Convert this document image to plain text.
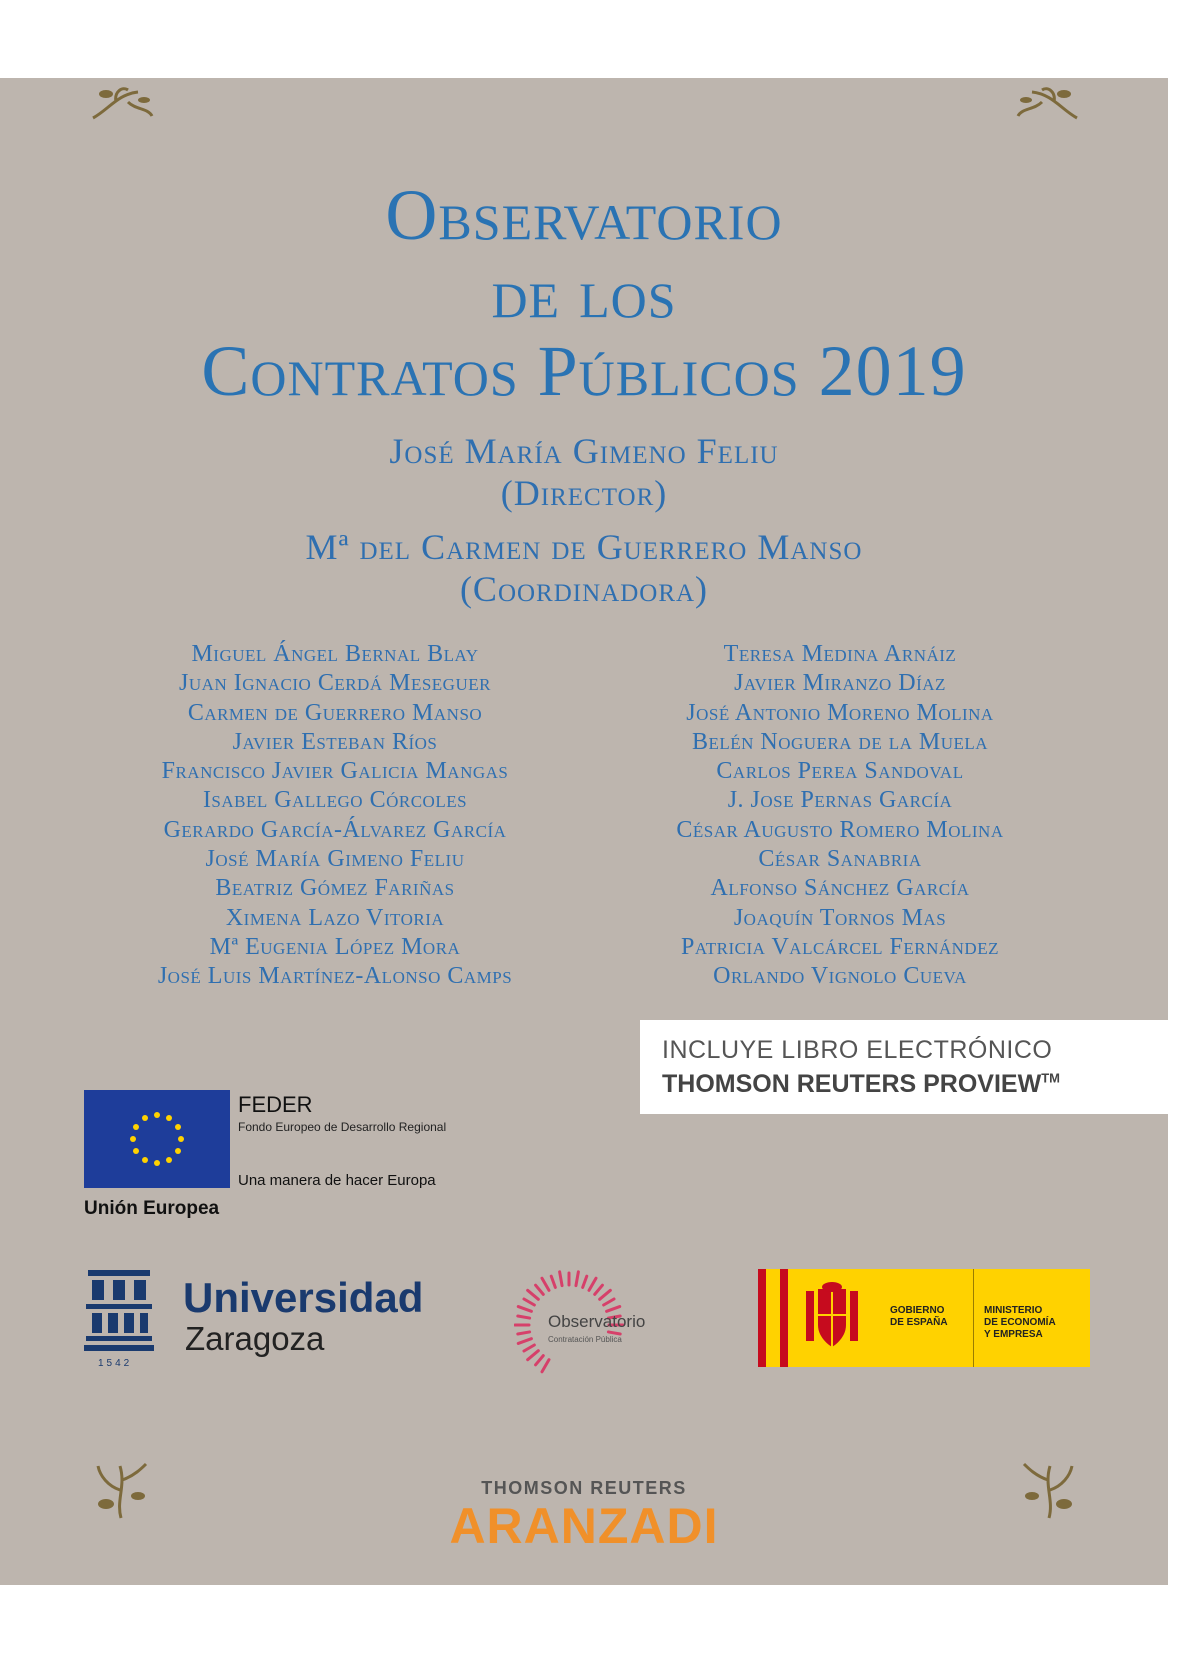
Observatorio
de los
Contratos Públicos 2019
José María Gimeno Feliu
(Director)
Mª del Carmen de Guerrero Manso
(Coordinadora)
Miguel Ángel Bernal Blay
Juan Ignacio Cerdá Meseguer
Carmen de Guerrero Manso
Javier Esteban Ríos
Francisco Javier Galicia Mangas
Isabel Gallego Córcoles
Gerardo García-Álvarez García
José María Gimeno Feliu
Beatriz Gómez Fariñas
Ximena Lazo Vitoria
Mª Eugenia López Mora
José Luis Martínez-Alonso Camps
Teresa Medina Arnáiz
Javier Miranzo Díaz
José Antonio Moreno Molina
Belén Noguera de la Muela
Carlos Perea Sandoval
J. Jose Pernas García
César Augusto Romero Molina
César Sanabria
Alfonso Sánchez García
Joaquín Tornos Mas
Patricia Valcárcel Fernández
Orlando Vignolo Cueva
INCLUYE LIBRO ELECTRÓNICO
THOMSON REUTERS PROVIEW™
FEDER
Fondo Europeo de Desarrollo Regional
Una manera de hacer Europa
Unión Europea
1542
Universidad
Zaragoza	Observatorio
Contratación Pública
GOBIERNO
DE ESPAÑA
MINISTERIO
DE ECONOMÍA
Y EMPRESA
THOMSON REUTERS
ARANZADI
